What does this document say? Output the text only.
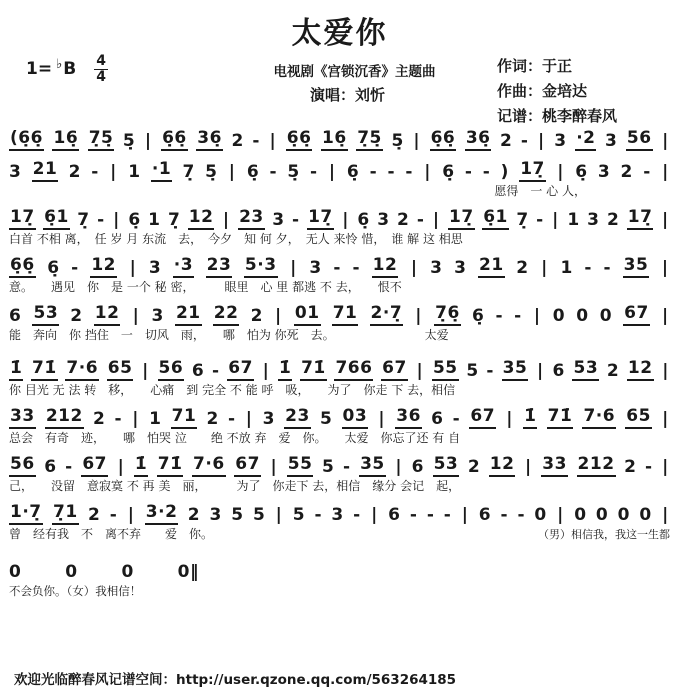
太爱你
1= ♭ B $\frac{4}{4}$	电视剧《宫锁沉香》主题曲
演唱：刘忻
作词：于正
作曲：金培达
记谱：桃李醉春风
(6̣6̣ 16̣ 7̣5̣ 5̣ | 6̣6̣ 36̣ 2 - | 6̣6̣ 16̣ 7̣5̣ 5̣ | 6̣6̣ 36̣ 2 - | 3 ·2 3 56 |
3 21 2 - | 1 ·1 7̣ 5̣ | 6̣ - 5̣ - | 6̣ - - - | 6̣ - - ) 17̣ | 6̣ 3 2 - |
愿得　一 心 人，
17̣ 6̣1 7̣ - | 6̣ 1 7̣ 12 | 23 3 - 17̣ | 6̣ 3 2 - | 17̣ 6̣1 7̣ - | 1 3 2 17̣ |
白首 不相 离，　任 岁 月 东流　去，　今夕　知 何 夕，　无人 来怜 惜，　谁 解 这 相思
6̣6̣ 6̣ - 12 | 3 ·3 23 5·3 | 3 - - 12 | 3 3 21 2 | 1 - - 35 |
意。　　遇见　你　是 一个 秘 密，　　　眼里　心 里 都逃 不 去，　　恨不
6 53 2 12 | 3 21 22 2 | 01 71 2·7̣ | 7̣6̣ 6̣ - - | 0 0 0 67 |
能　奔向　你 挡住　一　切风　雨，　　哪　怕为 你死　去。　　　　　　　　太爱
1̇ 71̇ 7·6 65 | 56 6 - 67 | 1̇ 71̇ 766 67 | 55 5 - 35 | 6 53 2 12 |
你 目光 无 法 转　移，　　心痛　到 完全 不 能 呼　吸，　　为了　你走 下 去，相信
33 212 2 - | 1 71 2 - | 3 23 5 03 | 36 6 - 67 | 1̇ 71̇ 7·6 65 |
总会　有奇　迹，　　哪　怕哭 泣　　绝 不放 弃　爱　你。　　太爱　你忘了还 有 自
56 6 - 67 | 1̇ 71̇ 7·6 67 | 55 5 - 35 | 6 53 2 12 | 33 212 2 - |
己，　　没留　意寂寞 不 再 美　丽，　　　为了　你走下 去，相信　缘分 会记　起，
1·7̣ 7̣1 2 - | 3·2 2 3 5 5 | 5 - 3 - | 6 - - - | 6 - - 0 | 0 0 0 0 |
曾　经有我　不　离不弃　　爱　你。	（男）相信我，我这一生都
0	0	0	0‖
不会负你。（女）我相信！
欢迎光临醉春风记谱空间：http://user.qzone.qq.com/563264185
